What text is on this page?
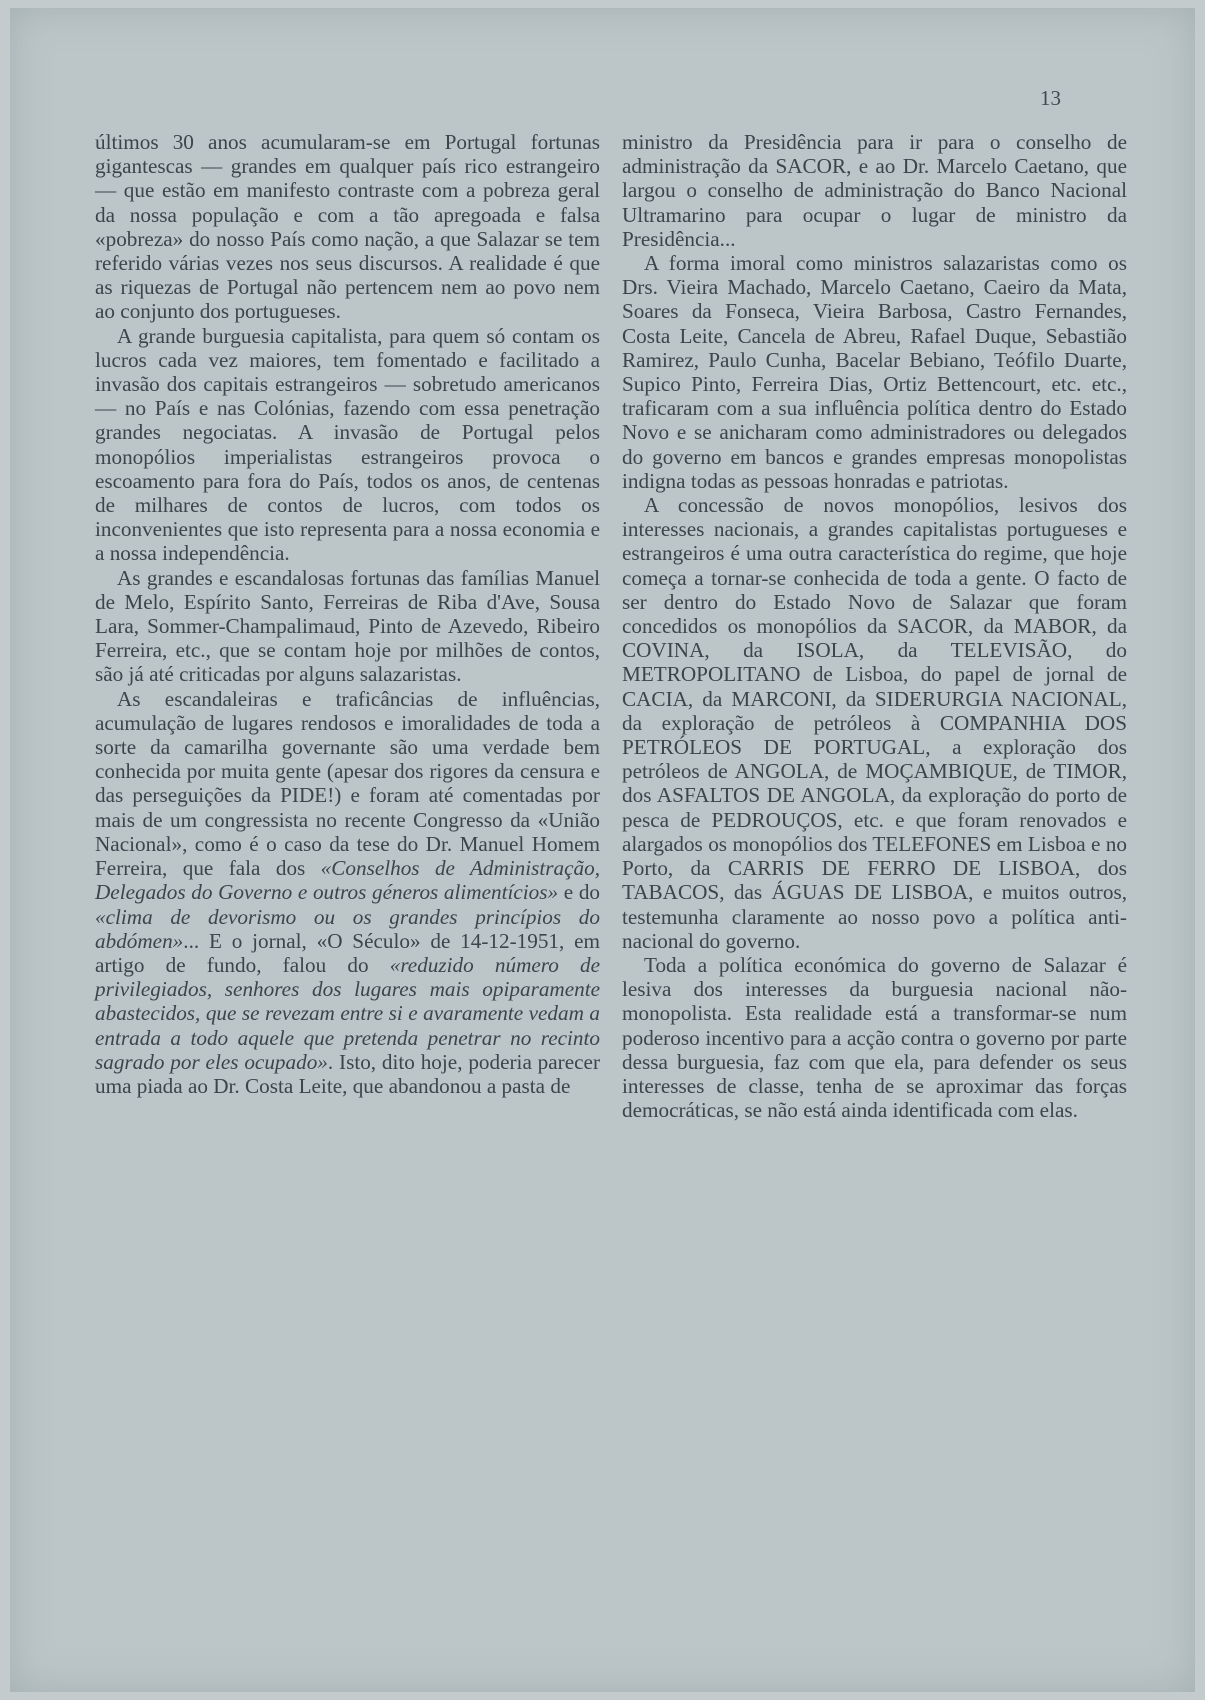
13

últimos 30 anos acumularam-se em Portugal fortunas gigantescas — grandes em qualquer país rico estrangeiro — que estão em manifesto contraste com a pobreza geral da nossa população e com a tão apregoada e falsa «pobreza» do nosso País como nação, a que Salazar se tem referido várias vezes nos seus discursos. A realidade é que as riquezas de Portugal não pertencem nem ao povo nem ao conjunto dos portugueses.

A grande burguesia capitalista, para quem só contam os lucros cada vez maiores, tem fomentado e facilitado a invasão dos capitais estrangeiros — sobretudo americanos — no País e nas Colónias, fazendo com essa penetração grandes negociatas. A invasão de Portugal pelos monopólios imperialistas estrangeiros provoca o escoamento para fora do País, todos os anos, de centenas de milhares de contos de lucros, com todos os inconvenientes que isto representa para a nossa economia e a nossa independência.

As grandes e escandalosas fortunas das famílias Manuel de Melo, Espírito Santo, Ferreiras de Riba d'Ave, Sousa Lara, Sommer-Champalimaud, Pinto de Azevedo, Ribeiro Ferreira, etc., que se contam hoje por milhões de contos, são já até criticadas por alguns salazaristas.

As escandaleiras e traficâncias de influências, acumulação de lugares rendosos e imoralidades de toda a sorte da camarilha governante são uma verdade bem conhecida por muita gente (apesar dos rigores da censura e das perseguições da PIDE!) e foram até comentadas por mais de um congressista no recente Congresso da «União Nacional», como é o caso da tese do Dr. Manuel Homem Ferreira, que fala dos «Conselhos de Administração, Delegados do Governo e outros géneros alimentícios» e do «clima de devorismo ou os grandes princípios do abdómen»... E o jornal, «O Século» de 14-12-1951, em artigo de fundo, falou do «reduzido número de privilegiados, senhores dos lugares mais opiparamente abastecidos, que se revezam entre si e avaramente vedam a entrada a todo aquele que pretenda penetrar no recinto sagrado por eles ocupado». Isto, dito hoje, poderia parecer uma piada ao Dr. Costa Leite, que abandonou a pasta de

ministro da Presidência para ir para o conselho de administração da SACOR, e ao Dr. Marcelo Caetano, que largou o conselho de administração do Banco Nacional Ultramarino para ocupar o lugar de ministro da Presidência...

A forma imoral como ministros salazaristas como os Drs. Vieira Machado, Marcelo Caetano, Caeiro da Mata, Soares da Fonseca, Vieira Barbosa, Castro Fernandes, Costa Leite, Cancela de Abreu, Rafael Duque, Sebastião Ramirez, Paulo Cunha, Bacelar Bebiano, Teófilo Duarte, Supico Pinto, Ferreira Dias, Ortiz Bettencourt, etc. etc., traficaram com a sua influência política dentro do Estado Novo e se anicharam como administradores ou delegados do governo em bancos e grandes empresas monopolistas indigna todas as pessoas honradas e patriotas.

A concessão de novos monopólios, lesivos dos interesses nacionais, a grandes capitalistas portugueses e estrangeiros é uma outra característica do regime, que hoje começa a tornar-se conhecida de toda a gente. O facto de ser dentro do Estado Novo de Salazar que foram concedidos os monopólios da SACOR, da MABOR, da COVINA, da ISOLA, da TELEVISÃO, do METROPOLITANO de Lisboa, do papel de jornal de CACIA, da MARCONI, da SIDERURGIA NACIONAL, da exploração de petróleos à COMPANHIA DOS PETRÓLEOS DE PORTUGAL, a exploração dos petróleos de ANGOLA, de MOÇAMBIQUE, de TIMOR, dos ASFALTOS DE ANGOLA, da exploração do porto de pesca de PEDROUÇOS, etc. e que foram renovados e alargados os monopólios dos TELEFONES em Lisboa e no Porto, da CARRIS DE FERRO DE LISBOA, dos TABACOS, das ÁGUAS DE LISBOA, e muitos outros, testemunha claramente ao nosso povo a política anti-nacional do governo.

Toda a política económica do governo de Salazar é lesiva dos interesses da burguesia nacional não-monopolista. Esta realidade está a transformar-se num poderoso incentivo para a acção contra o governo por parte dessa burguesia, faz com que ela, para defender os seus interesses de classe, tenha de se aproximar das forças democráticas, se não está ainda identificada com elas.
